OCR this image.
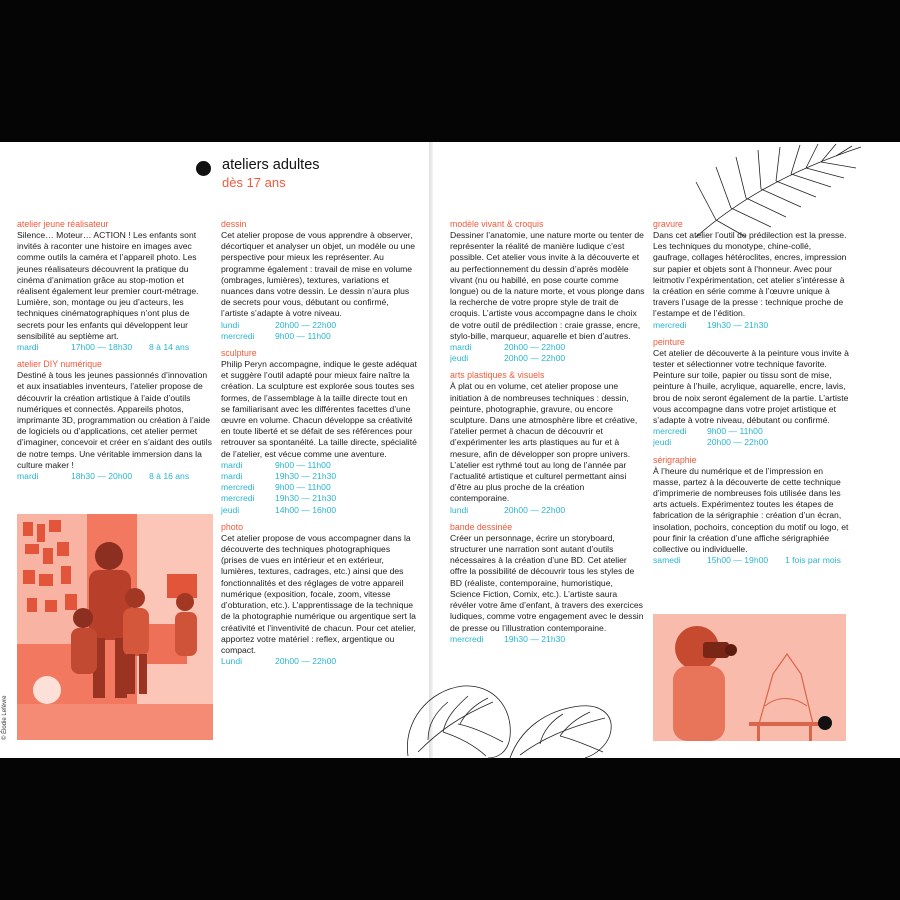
ateliers adultes
dès 17 ans
atelier jeune réalisateur
Silence… Moteur… ACTION ! Les enfants sont invités à raconter une histoire en images avec comme outils la caméra et l’appareil photo. Les jeunes réalisateurs découvrent la pratique du cinéma d’animation grâce au stop-motion et réalisent également leur premier court-métrage. Lumière, son, montage ou jeu d’acteurs, les techniques cinématographiques n’ont plus de secrets pour les enfants qui développent leur sensibilité au septième art.
mardi	17h00 — 18h30	8 à 14 ans
atelier DIY numérique
Destiné à tous les jeunes passionnés d’innovation et aux insatiables inventeurs, l’atelier propose de découvrir la création artistique à l’aide d’outils numériques et connectés. Appareils photos, imprimante 3D, programmation ou création à l’aide de logiciels ou d’applications, cet atelier permet d’imaginer, concevoir et créer en s’aidant des outils de notre temps. Une véritable immersion dans la culture maker !
mardi	18h30 — 20h00	8 à 16 ans
© Élodie Lefèvre
dessin
Cet atelier propose de vous apprendre à observer, décortiquer et analyser un objet, un modèle ou une perspective pour mieux les représenter. Au programme également : travail de mise en volume (ombrages, lumières), textures, variations et nuances dans votre dessin. Le dessin n’aura plus de secrets pour vous, débutant ou confirmé, l’artiste s’adapte à votre niveau.
lundi	20h00 — 22h00
mercredi	9h00 — 11h00
sculpture
Philip Peryn accompagne, indique le geste adéquat et suggère l’outil adapté pour mieux faire naître la création. La sculpture est explorée sous toutes ses formes, de l’assemblage à la taille directe tout en se familiarisant avec les différentes facettes d’une œuvre en volume. Chacun développe sa créativité en toute liberté et se défait de ses références pour retrouver sa spontanéité. La taille directe, spécialité de l’atelier, est vécue comme une aventure.
mardi	9h00 — 11h00
mardi	19h30 — 21h30
mercredi	9h00 — 11h00
mercredi	19h30 — 21h30
jeudi	14h00 — 16h00
photo
Cet atelier propose de vous accompagner dans la découverte des techniques photographiques (prises de vues en intérieur et en extérieur, lumières, textures, cadrages, etc.) ainsi que des fonctionnalités et des réglages de votre appareil numérique (exposition, focale, zoom, vitesse d’obturation, etc.). L’apprentissage de la technique de la photographie numérique ou argentique sert la créativité et l’inventivité de chacun. Pour cet atelier, apportez votre matériel : reflex, argentique ou compact.
Lundi	20h00 — 22h00
modèle vivant & croquis
Dessiner l’anatomie, une nature morte ou tenter de représenter la réalité de manière ludique c’est possible. Cet atelier vous invite à la découverte et au perfectionnement du dessin d’après modèle vivant (nu ou habillé, en pose courte comme longue) ou de la nature morte, et vous plonge dans la recherche de votre propre style de trait de croquis. L’artiste vous accompagne dans le choix de votre outil de prédilection : craie grasse, encre, stylo-bille, marqueur, aquarelle et bien d’autres.
mardi	20h00 — 22h00
jeudi	20h00 — 22h00
arts plastiques & visuels
À plat ou en volume, cet atelier propose une initiation à de nombreuses techniques : dessin, peinture, photographie, gravure, ou encore sculpture. Dans une atmosphère libre et créative, l’atelier permet à chacun de découvrir et d’expérimenter les arts plastiques au fur et à mesure, afin de développer son propre univers. L’atelier est rythmé tout au long de l’année par l’actualité artistique et culturel permettant ainsi d’être au plus proche de la création contemporaine.
lundi	20h00 — 22h00
bande dessinée
Créer un personnage, écrire un storyboard, structurer une narration sont autant d’outils nécessaires à la création d’une BD. Cet atelier offre la possibilité de découvrir tous les styles de BD (réaliste, contemporaine, humoristique, Science Fiction, Comix, etc.). L’artiste saura révéler votre âme d’enfant, à travers des exercices ludiques, comme votre engagement avec le dessin de presse ou l’illustration contemporaine.
mercredi	19h30 — 21h30
gravure
Dans cet atelier l’outil de prédilection est la presse. Les techniques du monotype, chine-collé, gaufrage, collages hétéroclites, encres, impression sur papier et objets sont à l’honneur. Avec pour leitmotiv l’expérimentation, cet atelier s’intéresse à la création en série comme à l’œuvre unique à travers l’usage de la presse : technique proche de l’estampe et de l’édition.
mercredi	19h30 — 21h30
peinture
Cet atelier de découverte à la peinture vous invite à tester et sélectionner votre technique favorite. Peinture sur toile, papier ou tissu sont de mise, peinture à l’huile, acrylique, aquarelle, encre, lavis, brou de noix seront également de la partie. L’artiste vous accompagne dans votre projet artistique et s’adapte à votre niveau, débutant ou confirmé.
mercredi	9h00 — 11h00
jeudi	20h00 — 22h00
sérigraphie
À l’heure du numérique et de l’impression en masse, partez à la découverte de cette technique d’imprimerie de nombreuses fois utilisée dans les arts actuels. Expérimentez toutes les étapes de fabrication de la sérigraphie : création d’un écran, insolation, pochoirs, conception du motif ou logo, et pour finir la création d’une affiche sérigraphiée collective ou individuelle.
samedi	15h00 — 19h00	1 fois par mois
